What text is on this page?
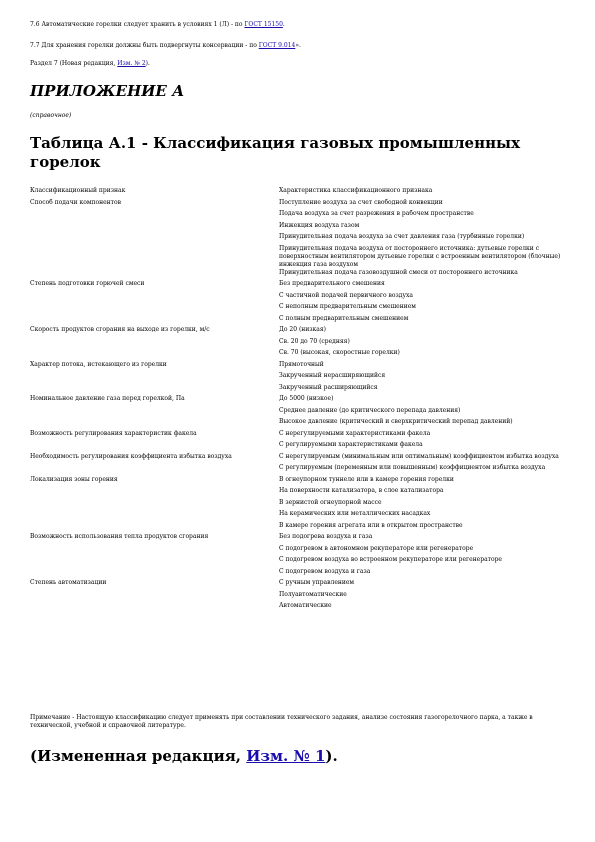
7.6 Автоматические горелки следует хранить в условиях 1 (Л) - по ГОСТ 15150.
7.7 Для хранения горелки должны быть подвергнуты консервации - по ГОСТ 9.014».
Раздел 7 (Новая редакция, Изм. № 2).
ПРИЛОЖЕНИЕ А
(справочное)
Таблица А.1 - Классификация газовых промышленных горелок
Классификационный признак	Характеристика классификационного признака
Способ подачи компонентов	Поступление воздуха за счет свободной конвекции
	Подача воздуха за счет разрежения в рабочем пространстве
	Инжекция воздуха газом
	Принудительная подача воздуха за счет давления газа (турбинные горелки)
	Принудительная подача воздуха от постороннего источника: дутьевые горелки с поверхностным вентилятором дутьевые горелки с встроенным вентилятором (блочные) инжекция газа воздухом
	Принудительная подача газовоздушной смеси от постороннего источника
Степень подготовки горючей смеси	Без предварительного смешения
	С частичной подачей первичного воздуха
	С неполным предварительным смешением
	С полным предварительным смешением
Скорость продуктов сгорания на выходе из горелки, м/с	До 20 (низкая)
	Св. 20 до 70 (средняя)
	Св. 70 (высокая, скоростные горелки)
Характер потока, истекающего из горелки	Прямоточный
	Закрученный нерасширяющийся
	Закрученный расширяющийся
Номинальное давление газа перед горелкой, Па	До 5000 (низкое)
	Среднее давление (до критического перепада давления)
	Высокое давление (критический и сверхкритический перепад давлений)
Возможность регулирования характеристик факела	С нерегулируемыми характеристиками факела
	С регулируемыми характеристиками факела
Необходимость регулирования коэффициента избытка воздуха	С нерегулируемым (минимальным или оптимальным) коэффициентом избытка воздуха
	С регулируемым (переменным или повышенным) коэффициентом избытка воздуха
Локализация зоны горения	В огнеупорном туннеле или в камере горения горелки
	На поверхности катализатора, в слое катализатора
	В зернистой огнеупорной массе
	На керамических или металлических насадках
	В камере горения агрегата или в открытом пространстве
Возможность использования тепла продуктов сгорания	Без подогрева воздуха и газа
	С подогревом в автономном рекуператоре или регенераторе
	С подогревом воздуха во встроенном рекуператоре или регенераторе
	С подогревом воздуха и газа
Степень автоматизации	С ручным управлением
	Полуавтоматические
	Автоматические
Примечание - Настоящую классификацию следует применять при составлении технического задания, анализе состояния газогорелочного парка, а также в технической, учебной и справочной литературе.
(Измененная редакция, Изм. № 1).
